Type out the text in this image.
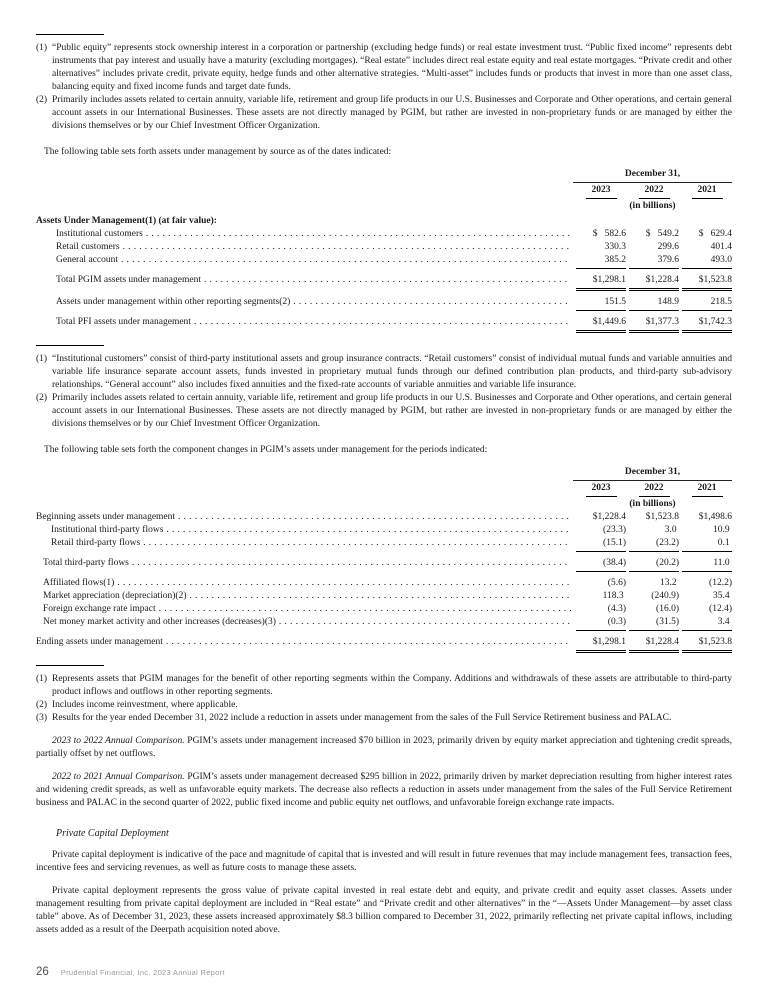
(1) “Public equity” represents stock ownership interest in a corporation or partnership (excluding hedge funds) or real estate investment trust. “Public fixed income” represents debt instruments that pay interest and usually have a maturity (excluding mortgages). “Real estate” includes direct real estate equity and real estate mortgages. “Private credit and other alternatives” includes private credit, private equity, hedge funds and other alternative strategies. “Multi-asset” includes funds or products that invest in more than one asset class, balancing equity and fixed income funds and target date funds.
(2) Primarily includes assets related to certain annuity, variable life, retirement and group life products in our U.S. Businesses and Corporate and Other operations, and certain general account assets in our International Businesses. These assets are not directly managed by PGIM, but rather are invested in non-proprietary funds or are managed by either the divisions themselves or by our Chief Investment Officer Organization.
The following table sets forth assets under management by source as of the dates indicated:
December 31,
2023	2022	2021
(in billions)
Assets Under Management(1) (at fair value):
Institutional customers . . .	$   582.6	$   549.2	$   629.4
Retail customers . . .	330.3	299.6	401.4
General account . . .	385.2	379.6	493.0
Total PGIM assets under management . . .	$1,298.1	$1,228.4	$1,523.8
Assets under management within other reporting segments(2) . . .	151.5	148.9	218.5
Total PFI assets under management . . .	$1,449.6	$1,377.3	$1,742.3
(1) “Institutional customers” consist of third-party institutional assets and group insurance contracts. “Retail customers” consist of individual mutual funds and variable annuities and variable life insurance separate account assets, funds invested in proprietary mutual funds through our defined contribution plan products, and third-party sub-advisory relationships. “General account” also includes fixed annuities and the fixed-rate accounts of variable annuities and variable life insurance.
(2) Primarily includes assets related to certain annuity, variable life, retirement and group life products in our U.S. Businesses and Corporate and Other operations, and certain general account assets in our International Businesses. These assets are not directly managed by PGIM, but rather are invested in non-proprietary funds or are managed by either the divisions themselves or by our Chief Investment Officer Organization.
The following table sets forth the component changes in PGIM’s assets under management for the periods indicated:
December 31,
2023	2022	2021
(in billions)
Beginning assets under management . . .	$1,228.4	$1,523.8	$1,498.6
Institutional third-party flows . . .	(23.3)	3.0	10.9
Retail third-party flows . . .	(15.1)	(23.2)	0.1
Total third-party flows . . .	(38.4)	(20.2)	11.0
Affiliated flows(1) . . .	(5.6)	13.2	(12.2)
Market appreciation (depreciation)(2) . . .	118.3	(240.9)	35.4
Foreign exchange rate impact . . .	(4.3)	(16.0)	(12.4)
Net money market activity and other increases (decreases)(3) . . .	(0.3)	(31.5)	3.4
Ending assets under management . . .	$1,298.1	$1,228.4	$1,523.8
(1) Represents assets that PGIM manages for the benefit of other reporting segments within the Company. Additions and withdrawals of these assets are attributable to third-party product inflows and outflows in other reporting segments.
(2) Includes income reinvestment, where applicable.
(3) Results for the year ended December 31, 2022 include a reduction in assets under management from the sales of the Full Service Retirement business and PALAC.

2023 to 2022 Annual Comparison. PGIM’s assets under management increased $70 billion in 2023, primarily driven by equity market appreciation and tightening credit spreads, partially offset by net outflows.

2022 to 2021 Annual Comparison. PGIM’s assets under management decreased $295 billion in 2022, primarily driven by market depreciation resulting from higher interest rates and widening credit spreads, as well as unfavorable equity markets. The decrease also reflects a reduction in assets under management from the sales of the Full Service Retirement business and PALAC in the second quarter of 2022, public fixed income and public equity net outflows, and unfavorable foreign exchange rate impacts.

Private Capital Deployment

Private capital deployment is indicative of the pace and magnitude of capital that is invested and will result in future revenues that may include management fees, transaction fees, incentive fees and servicing revenues, as well as future costs to manage these assets.

Private capital deployment represents the gross value of private capital invested in real estate debt and equity, and private credit and equity asset classes. Assets under management resulting from private capital deployment are included in “Real estate” and “Private credit and other alternatives” in the “—Assets Under Management—by asset class table” above. As of December 31, 2023, these assets increased approximately $8.3 billion compared to December 31, 2022, primarily reflecting net private capital inflows, including assets added as a result of the Deerpath acquisition noted above.

26 Prudential Financial, Inc. 2023 Annual Report
